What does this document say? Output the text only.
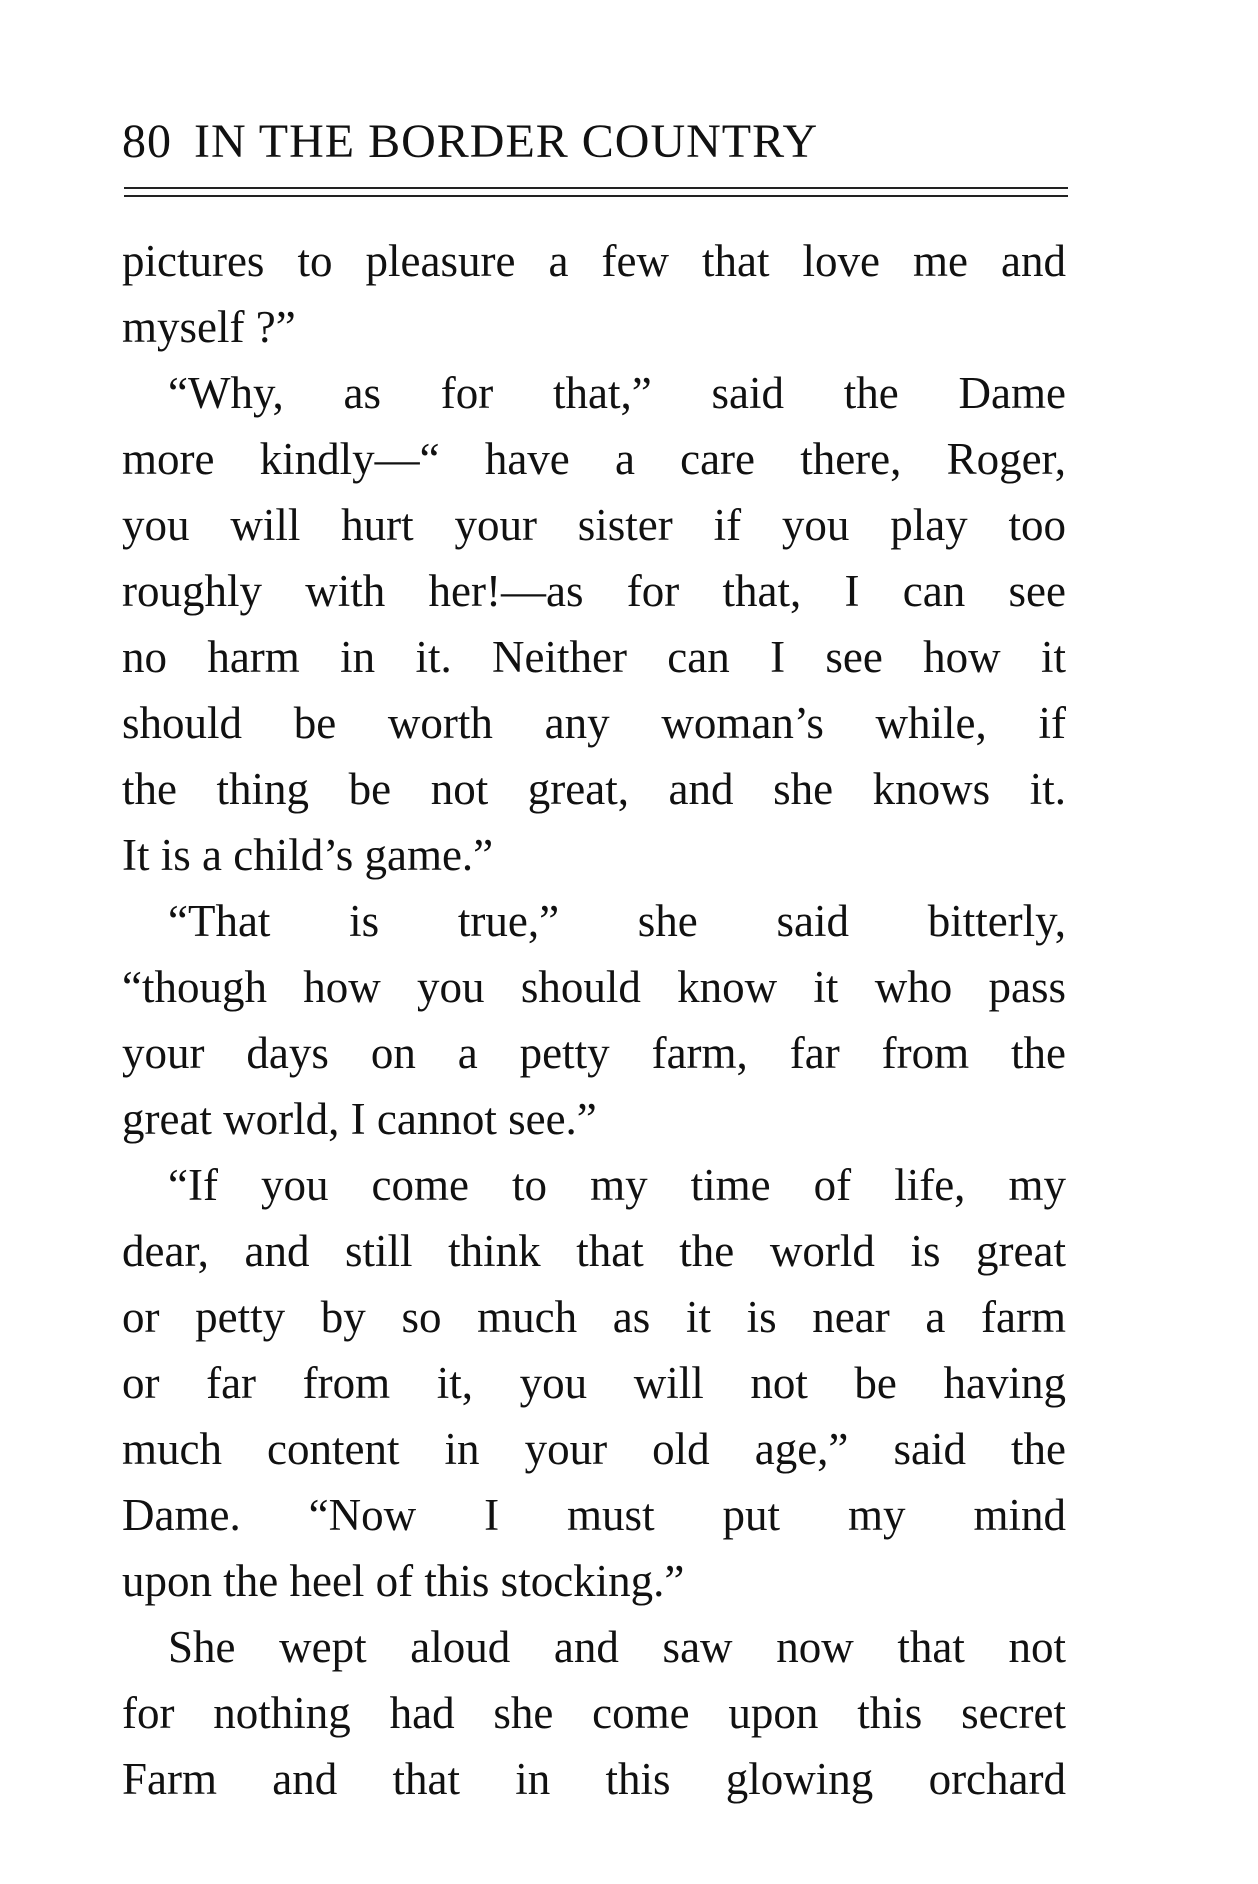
80 IN THE BORDER COUNTRY
pictures to pleasure a few that love me and
myself ?”
“Why, as for that,” said the Dame
more kindly—“ have a care there, Roger,
you will hurt your sister if you play too
roughly with her!—as for that, I can see
no harm in it. Neither can I see how it
should be worth any woman’s while, if
the thing be not great, and she knows it.
It is a child’s game.”
“That is true,” she said bitterly,
“though how you should know it who pass
your days on a petty farm, far from the
great world, I cannot see.”
“If you come to my time of life, my
dear, and still think that the world is great
or petty by so much as it is near a farm
or far from it, you will not be having
much content in your old age,” said the
Dame. “Now I must put my mind
upon the heel of this stocking.”
She wept aloud and saw now that not
for nothing had she come upon this secret
Farm and that in this glowing orchard
